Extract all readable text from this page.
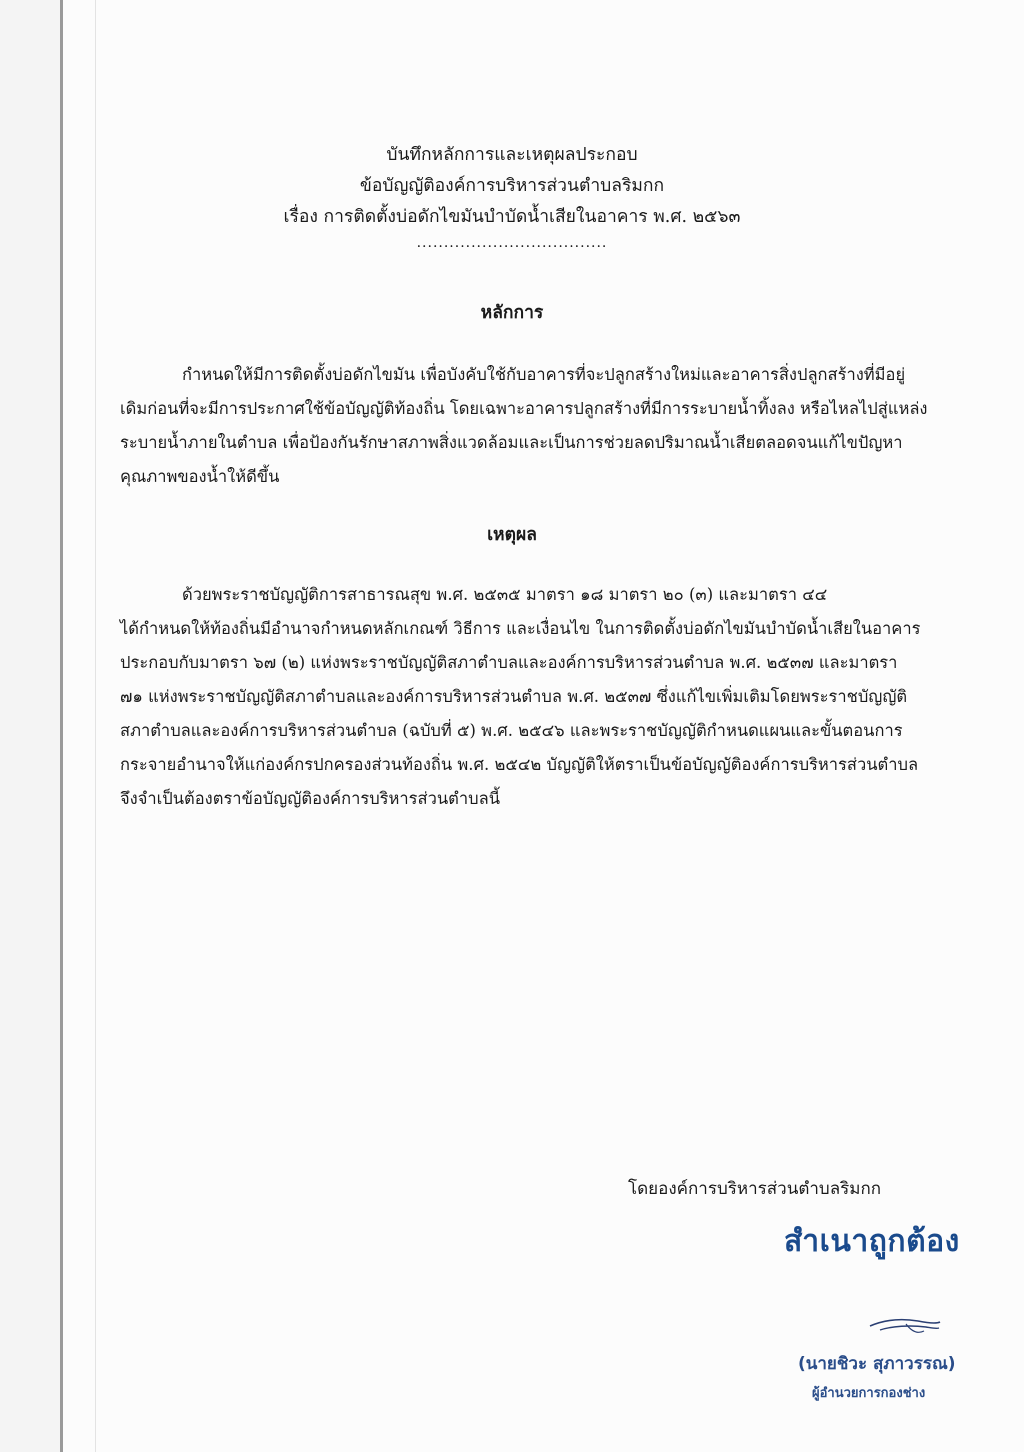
บันทึกหลักการและเหตุผลประกอบ
ข้อบัญญัติองค์การบริหารส่วนตำบลริมกก
เรื่อง การติดตั้งบ่อดักไขมันบำบัดน้ำเสียในอาคาร พ.ศ. ๒๕๖๓
...................................
หลักการ
กำหนดให้มีการติดตั้งบ่อดักไขมัน เพื่อบังคับใช้กับอาคารที่จะปลูกสร้างใหม่และอาคารสิ่งปลูกสร้างที่มีอยู่
เดิมก่อนที่จะมีการประกาศใช้ข้อบัญญัติท้องถิ่น โดยเฉพาะอาคารปลูกสร้างที่มีการระบายน้ำทิ้งลง หรือไหลไปสู่แหล่ง
ระบายน้ำภายในตำบล เพื่อป้องกันรักษาสภาพสิ่งแวดล้อมและเป็นการช่วยลดปริมาณน้ำเสียตลอดจนแก้ไขปัญหา
คุณภาพของน้ำให้ดีขึ้น
เหตุผล
ด้วยพระราชบัญญัติการสาธารณสุข พ.ศ. ๒๕๓๕ มาตรา ๑๘ มาตรา ๒๐ (๓) และมาตรา ๔๔
ได้กำหนดให้ท้องถิ่นมีอำนาจกำหนดหลักเกณฑ์ วิธีการ และเงื่อนไข ในการติดตั้งบ่อดักไขมันบำบัดน้ำเสียในอาคาร
ประกอบกับมาตรา ๖๗ (๒) แห่งพระราชบัญญัติสภาตำบลและองค์การบริหารส่วนตำบล พ.ศ. ๒๕๓๗ และมาตรา
๗๑ แห่งพระราชบัญญัติสภาตำบลและองค์การบริหารส่วนตำบล พ.ศ. ๒๕๓๗ ซึ่งแก้ไขเพิ่มเติมโดยพระราชบัญญัติ
สภาตำบลและองค์การบริหารส่วนตำบล (ฉบับที่ ๕) พ.ศ. ๒๕๔๖ และพระราชบัญญัติกำหนดแผนและขั้นตอนการ
กระจายอำนาจให้แก่องค์กรปกครองส่วนท้องถิ่น พ.ศ. ๒๕๔๒ บัญญัติให้ตราเป็นข้อบัญญัติองค์การบริหารส่วนตำบล
จึงจำเป็นต้องตราข้อบัญญัติองค์การบริหารส่วนตำบลนี้
โดยองค์การบริหารส่วนตำบลริมกก
สำเนาถูกต้อง
(นายชิวะ สุภาวรรณ)
ผู้อำนวยการกองช่าง
